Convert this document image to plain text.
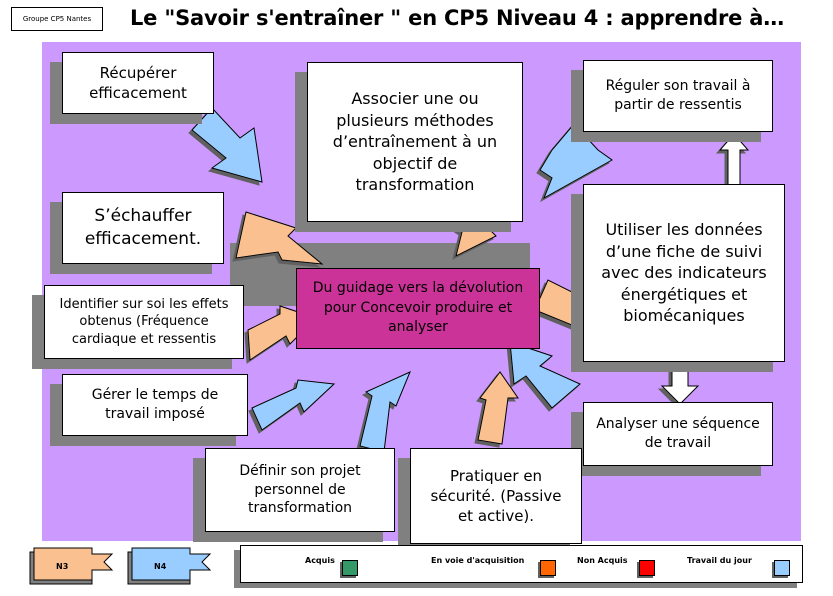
Groupe CP5 Nantes	Le "Savoir s'entraîner " en CP5 Niveau 4 : apprendre à…
Du guidage vers la dévolution pour Concevoir produire et analyser
Récupérer efficacement	Associer une ou plusieurs méthodes d’entraînement à un objectif de transformation
Réguler son travail à partir de ressentis
S’échauffer efficacement.	Utiliser les données d’une fiche de suivi avec des indicateurs énergétiques et biomécaniques
Identifier sur soi les effets obtenus (Fréquence cardiaque et ressentis
Gérer le temps de travail imposé
Analyser une séquence de travail
Définir son projet personnel de transformation
Pratiquer en sécurité. (Passive et active).
N3	N4
Acquis	En voie d'acquisition	Non Acquis	Travail du jour
